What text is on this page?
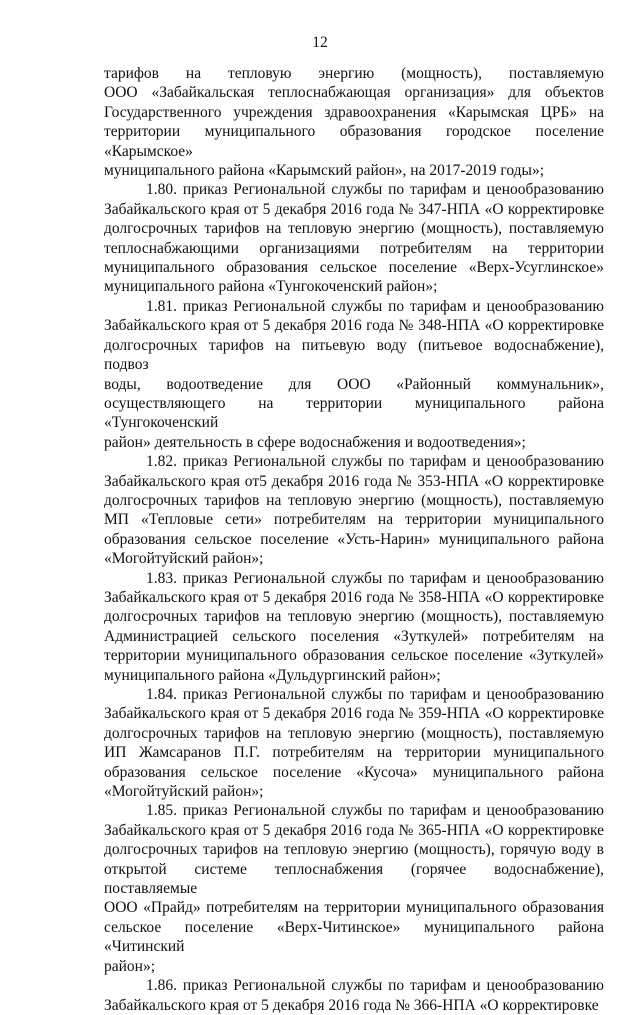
12
тарифов на тепловую энергию (мощность), поставляемую
ООО «Забайкальская теплоснабжающая организация» для объектов
Государственного учреждения здравоохранения «Карымская ЦРБ» на
территории муниципального образования городское поселение «Карымское»
муниципального района «Карымский район», на 2017-2019 годы»;
1.80. приказ Региональной службы по тарифам и ценообразованию
Забайкальского края от 5 декабря 2016 года № 347-НПА «О корректировке
долгосрочных тарифов на тепловую энергию (мощность), поставляемую
теплоснабжающими организациями потребителям на территории
муниципального образования сельское поселение «Верх-Усуглинское»
муниципального района «Тунгокоченский район»;
1.81. приказ Региональной службы по тарифам и ценообразованию
Забайкальского края от 5 декабря 2016 года № 348-НПА «О корректировке
долгосрочных тарифов на питьевую воду (питьевое водоснабжение), подвоз
воды, водоотведение для ООО «Районный коммунальник»,
осуществляющего на территории муниципального района «Тунгокоченский
район» деятельность в сфере водоснабжения и водоотведения»;
1.82. приказ Региональной службы по тарифам и ценообразованию
Забайкальского края от5 декабря 2016 года № 353-НПА «О корректировке
долгосрочных тарифов на тепловую энергию (мощность), поставляемую
МП «Тепловые сети» потребителям на территории муниципального
образования сельское поселение «Усть-Нарин» муниципального района
«Могойтуйский район»;
1.83. приказ Региональной службы по тарифам и ценообразованию
Забайкальского края от 5 декабря 2016 года № 358-НПА «О корректировке
долгосрочных тарифов на тепловую энергию (мощность), поставляемую
Администрацией сельского поселения «Зуткулей» потребителям на
территории муниципального образования сельское поселение «Зуткулей»
муниципального района «Дульдургинский район»;
1.84. приказ Региональной службы по тарифам и ценообразованию
Забайкальского края от 5 декабря 2016 года № 359-НПА «О корректировке
долгосрочных тарифов на тепловую энергию (мощность), поставляемую
ИП Жамсаранов П.Г. потребителям на территории муниципального
образования сельское поселение «Кусоча» муниципального района
«Могойтуйский район»;
1.85. приказ Региональной службы по тарифам и ценообразованию
Забайкальского края от 5 декабря 2016 года № 365-НПА «О корректировке
долгосрочных тарифов на тепловую энергию (мощность), горячую воду в
открытой системе теплоснабжения (горячее водоснабжение), поставляемые
ООО «Прайд» потребителям на территории муниципального образования
сельское поселение «Верх-Читинское» муниципального района «Читинский
район»;
1.86. приказ Региональной службы по тарифам и ценообразованию
Забайкальского края от 5 декабря 2016 года № 366-НПА «О корректировке
